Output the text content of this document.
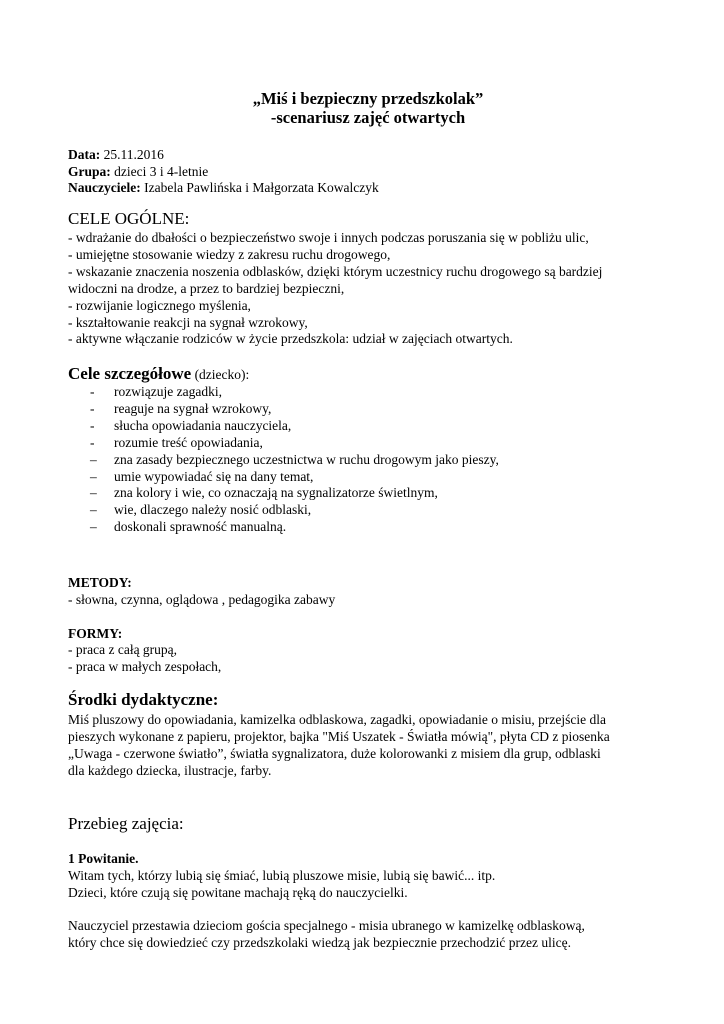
„Miś i bezpieczny przedszkolak”
-scenariusz zajęć otwartych
Data: 25.11.2016
Grupa: dzieci 3 i 4-letnie
Nauczyciele: Izabela Pawlińska i Małgorzata Kowalczyk
CELE OGÓLNE:
- wdrażanie do dbałości o bezpieczeństwo swoje i innych podczas poruszania się w pobliżu ulic,
- umiejętne stosowanie wiedzy z zakresu ruchu drogowego,
- wskazanie znaczenia noszenia odblasków, dzięki którym uczestnicy ruchu drogowego są bardziej
widoczni na drodze, a przez to bardziej bezpieczni,
- rozwijanie logicznego myślenia,
- kształtowanie reakcji na sygnał wzrokowy,
- aktywne włączanie rodziców w życie przedszkola: udział w zajęciach otwartych.
Cele szczegółowe (dziecko):
-	rozwiązuje zagadki,
-	reaguje na sygnał wzrokowy,
-	słucha opowiadania nauczyciela,
-	rozumie treść opowiadania,
–	zna zasady bezpiecznego uczestnictwa w ruchu drogowym jako pieszy,
–	umie wypowiadać się na dany temat,
–	zna kolory i wie, co oznaczają na sygnalizatorze świetlnym,
–	wie, dlaczego należy nosić odblaski,
–	doskonali sprawność manualną.
METODY:
- słowna, czynna, oglądowa , pedagogika zabawy
FORMY:
- praca z całą grupą,
- praca w małych zespołach,
Środki dydaktyczne:
Miś pluszowy do opowiadania, kamizelka odblaskowa, zagadki, opowiadanie o misiu, przejście dla
pieszych wykonane z papieru, projektor, bajka "Miś Uszatek - Światła mówią", płyta CD z piosenka
„Uwaga - czerwone światło”, światła sygnalizatora, duże kolorowanki z misiem dla grup, odblaski
dla każdego dziecka, ilustracje, farby.
Przebieg zajęcia:
1 Powitanie.
Witam tych, którzy lubią się śmiać, lubią pluszowe misie, lubią się bawić... itp.
Dzieci, które czują się powitane machają ręką do nauczycielki.
Nauczyciel przestawia dzieciom gościa specjalnego - misia ubranego w kamizelkę odblaskową,
który chce się dowiedzieć czy przedszkolaki wiedzą jak bezpiecznie przechodzić przez ulicę.
